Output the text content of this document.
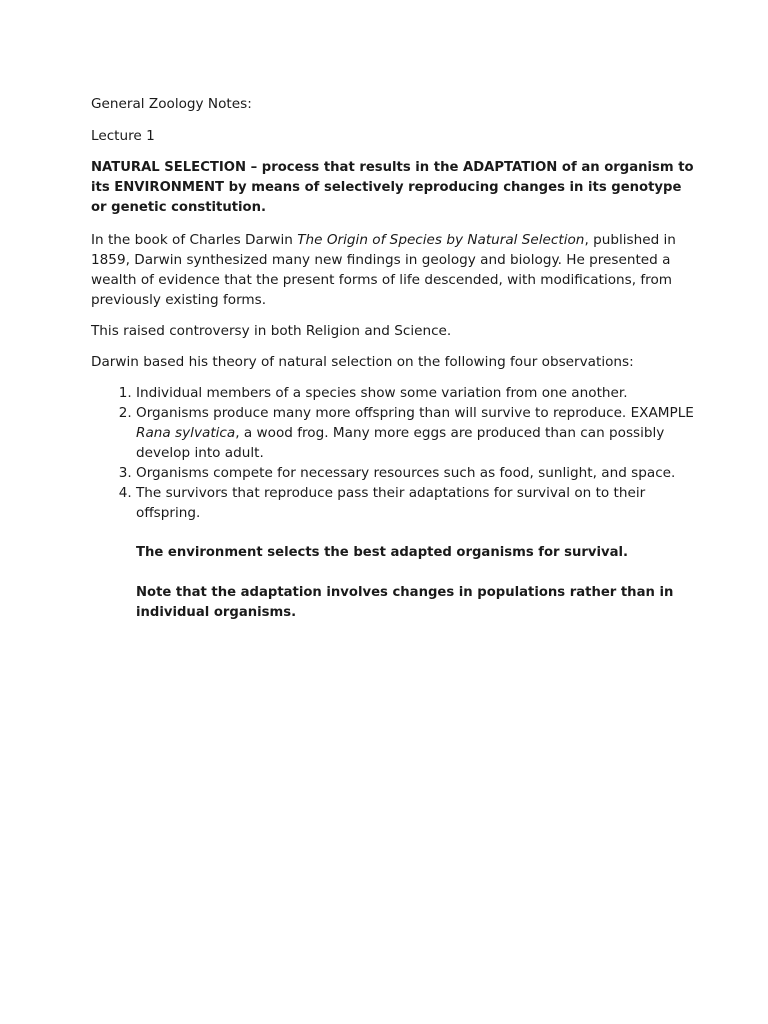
General Zoology Notes:

Lecture 1

NATURAL SELECTION – process that results in the ADAPTATION of an organism to its ENVIRONMENT by means of selectively reproducing changes in its genotype or genetic constitution.

In the book of Charles Darwin The Origin of Species by Natural Selection, published in 1859, Darwin synthesized many new findings in geology and biology. He presented a wealth of evidence that the present forms of life descended, with modifications, from previously existing forms.

This raised controversy in both Religion and Science.

Darwin based his theory of natural selection on the following four observations:

1. Individual members of a species show some variation from one another.
2. Organisms produce many more offspring than will survive to reproduce. EXAMPLE Rana sylvatica, a wood frog. Many more eggs are produced than can possibly develop into adult.
3. Organisms compete for necessary resources such as food, sunlight, and space.
4. The survivors that reproduce pass their adaptations for survival on to their offspring.

The environment selects the best adapted organisms for survival.

Note that the adaptation involves changes in populations rather than in individual organisms.
